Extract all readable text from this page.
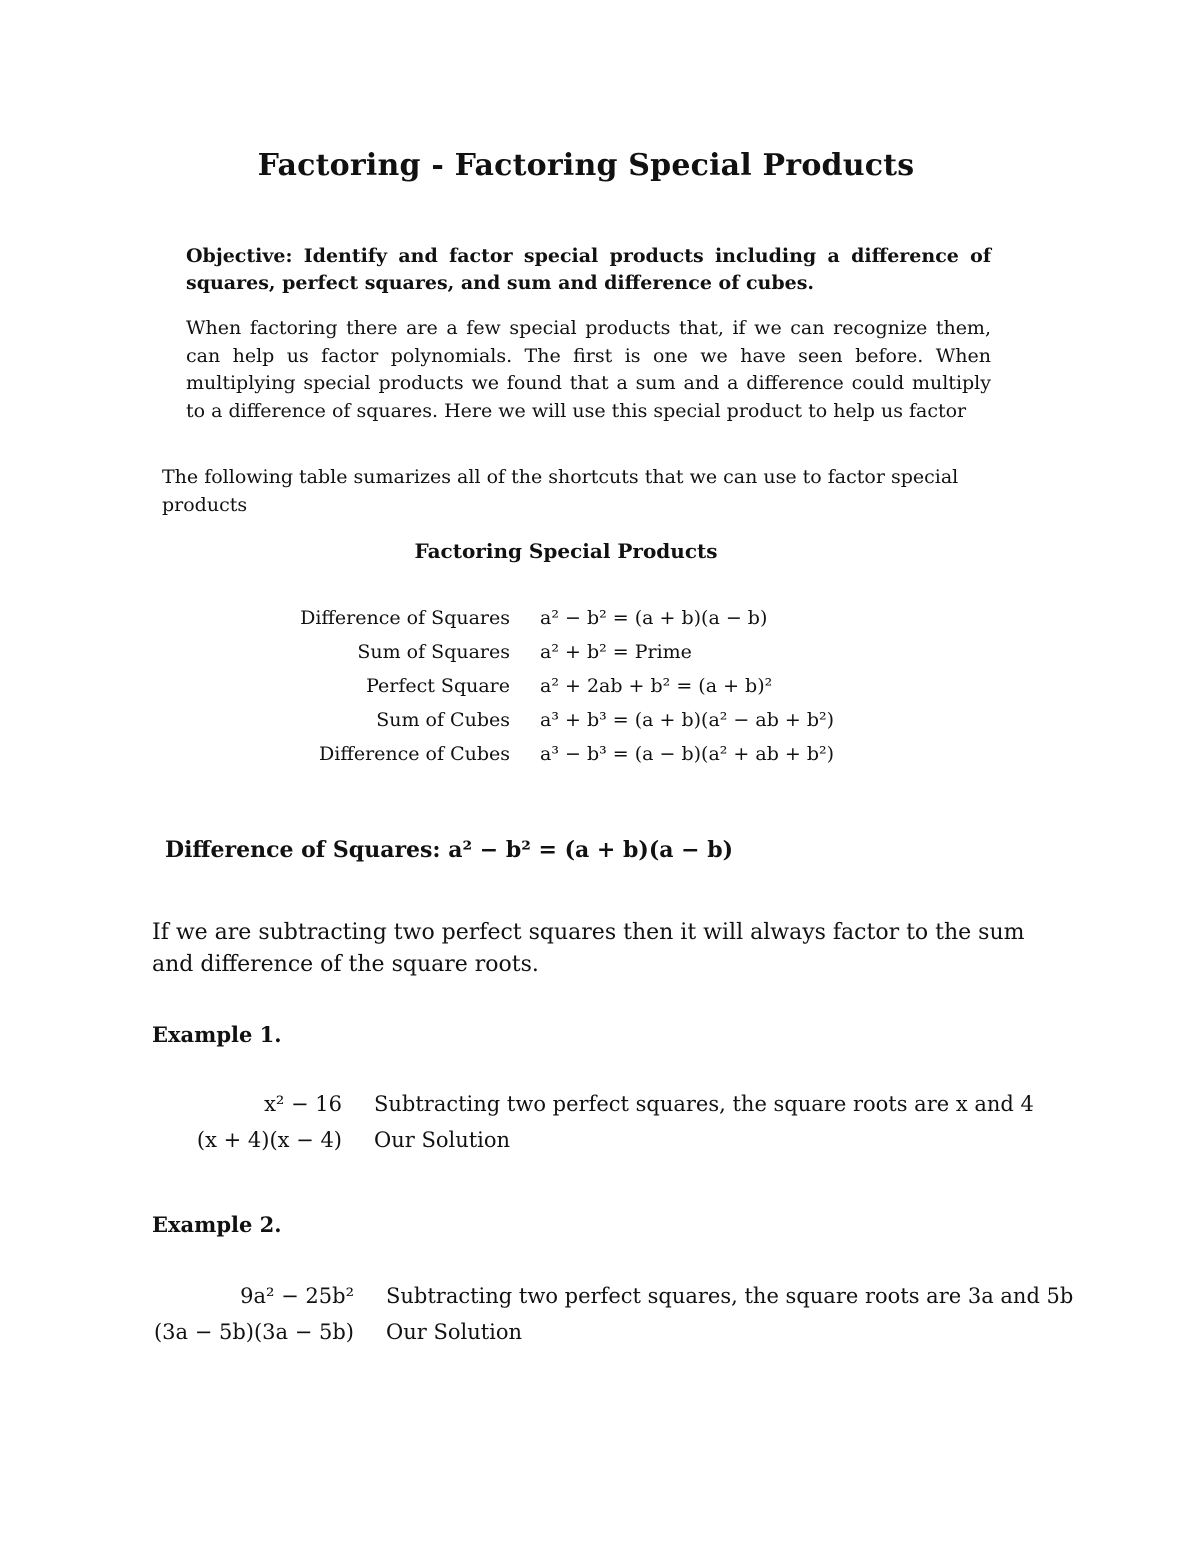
Factoring - Factoring Special Products
Objective: Identify and factor special products including a difference of squares, perfect squares, and sum and difference of cubes.
When factoring there are a few special products that, if we can recognize them, can help us factor polynomials. The first is one we have seen before. When multiplying special products we found that a sum and a difference could multiply to a difference of squares. Here we will use this special product to help us factor
The following table sumarizes all of the shortcuts that we can use to factor special products
Factoring Special Products
Difference of Squares a² − b² = (a + b)(a − b)
Sum of Squares a² + b² = Prime
Perfect Square a² + 2ab + b² = (a + b)²
Sum of Cubes a³ + b³ = (a + b)(a² − ab + b²)
Difference of Cubes a³ − b³ = (a − b)(a² + ab + b²)
Difference of Squares: a² − b² = (a + b)(a − b)
If we are subtracting two perfect squares then it will always factor to the sum and difference of the square roots.
Example 1.
x² − 16 Subtracting two perfect squares, the square roots are x and 4
(x + 4)(x − 4) Our Solution
Example 2.
9a² − 25b² Subtracting two perfect squares, the square roots are 3a and 5b
(3a − 5b)(3a − 5b) Our Solution
